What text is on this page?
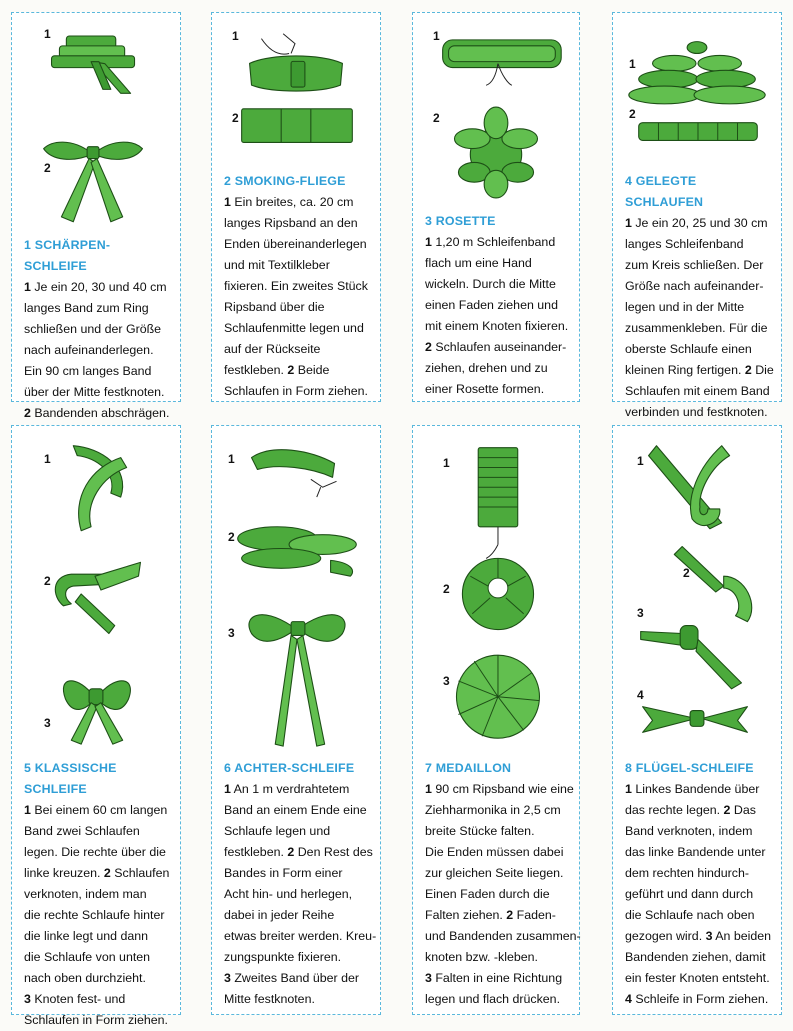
1
2
1 SCHÄRPEN-SCHLEIFE
1 Je ein 20, 30 und 40 cm
langes Band zum Ring
schließen und der Größe
nach aufeinanderlegen.
Ein 90 cm langes Band
über der Mitte festknoten.
2 Bandenden abschrägen.
1
2
2 SMOKING-FLIEGE
1 Ein breites, ca. 20 cm
langes Ripsband an den
Enden übereinanderlegen
und mit Textilkleber
fixieren. Ein zweites Stück
Ripsband über die
Schlaufenmitte legen und
auf der Rückseite
festkleben. 2 Beide
Schlaufen in Form ziehen.
1
2
3 ROSETTE
1 1,20 m Schleifenband
flach um eine Hand
wickeln. Durch die Mitte
einen Faden ziehen und
mit einem Knoten fixieren.
2 Schlaufen auseinander-
ziehen, drehen und zu
einer Rosette formen.
1
2
4 GELEGTE SCHLAUFEN
1 Je ein 20, 25 und 30 cm
langes Schleifenband
zum Kreis schließen. Der
Größe nach aufeinander-
legen und in der Mitte
zusammenkleben. Für die
oberste Schlaufe einen
kleinen Ring fertigen. 2 Die
Schlaufen mit einem Band
verbinden und festknoten.
1
2
3
5 KLASSISCHE SCHLEIFE
1 Bei einem 60 cm langen
Band zwei Schlaufen
legen. Die rechte über die
linke kreuzen. 2 Schlaufen
verknoten, indem man
die rechte Schlaufe hinter
die linke legt und dann
die Schlaufe von unten
nach oben durchzieht.
3 Knoten fest- und
Schlaufen in Form ziehen.
1
2
3
6 ACHTER-SCHLEIFE
1 An 1 m verdrahtetem
Band an einem Ende eine
Schlaufe legen und
festkleben. 2 Den Rest des
Bandes in Form einer
Acht hin- und herlegen,
dabei in jeder Reihe
etwas breiter werden. Kreu-
zungspunkte fixieren.
3 Zweites Band über der
Mitte festknoten.
1
2
3
7 MEDAILLON
1 90 cm Ripsband wie eine
Ziehharmonika in 2,5 cm
breite Stücke falten.
Die Enden müssen dabei
zur gleichen Seite liegen.
Einen Faden durch die
Falten ziehen. 2 Faden-
und Bandenden zusammen-
knoten bzw. -kleben.
3 Falten in eine Richtung
legen und flach drücken.
1
2
3
4
8 FLÜGEL-SCHLEIFE
1 Linkes Bandende über
das rechte legen. 2 Das
Band verknoten, indem
das linke Bandende unter
dem rechten hindurch-
geführt und dann durch
die Schlaufe nach oben
gezogen wird. 3 An beiden
Bandenden ziehen, damit
ein fester Knoten entsteht.
4 Schleife in Form ziehen.
